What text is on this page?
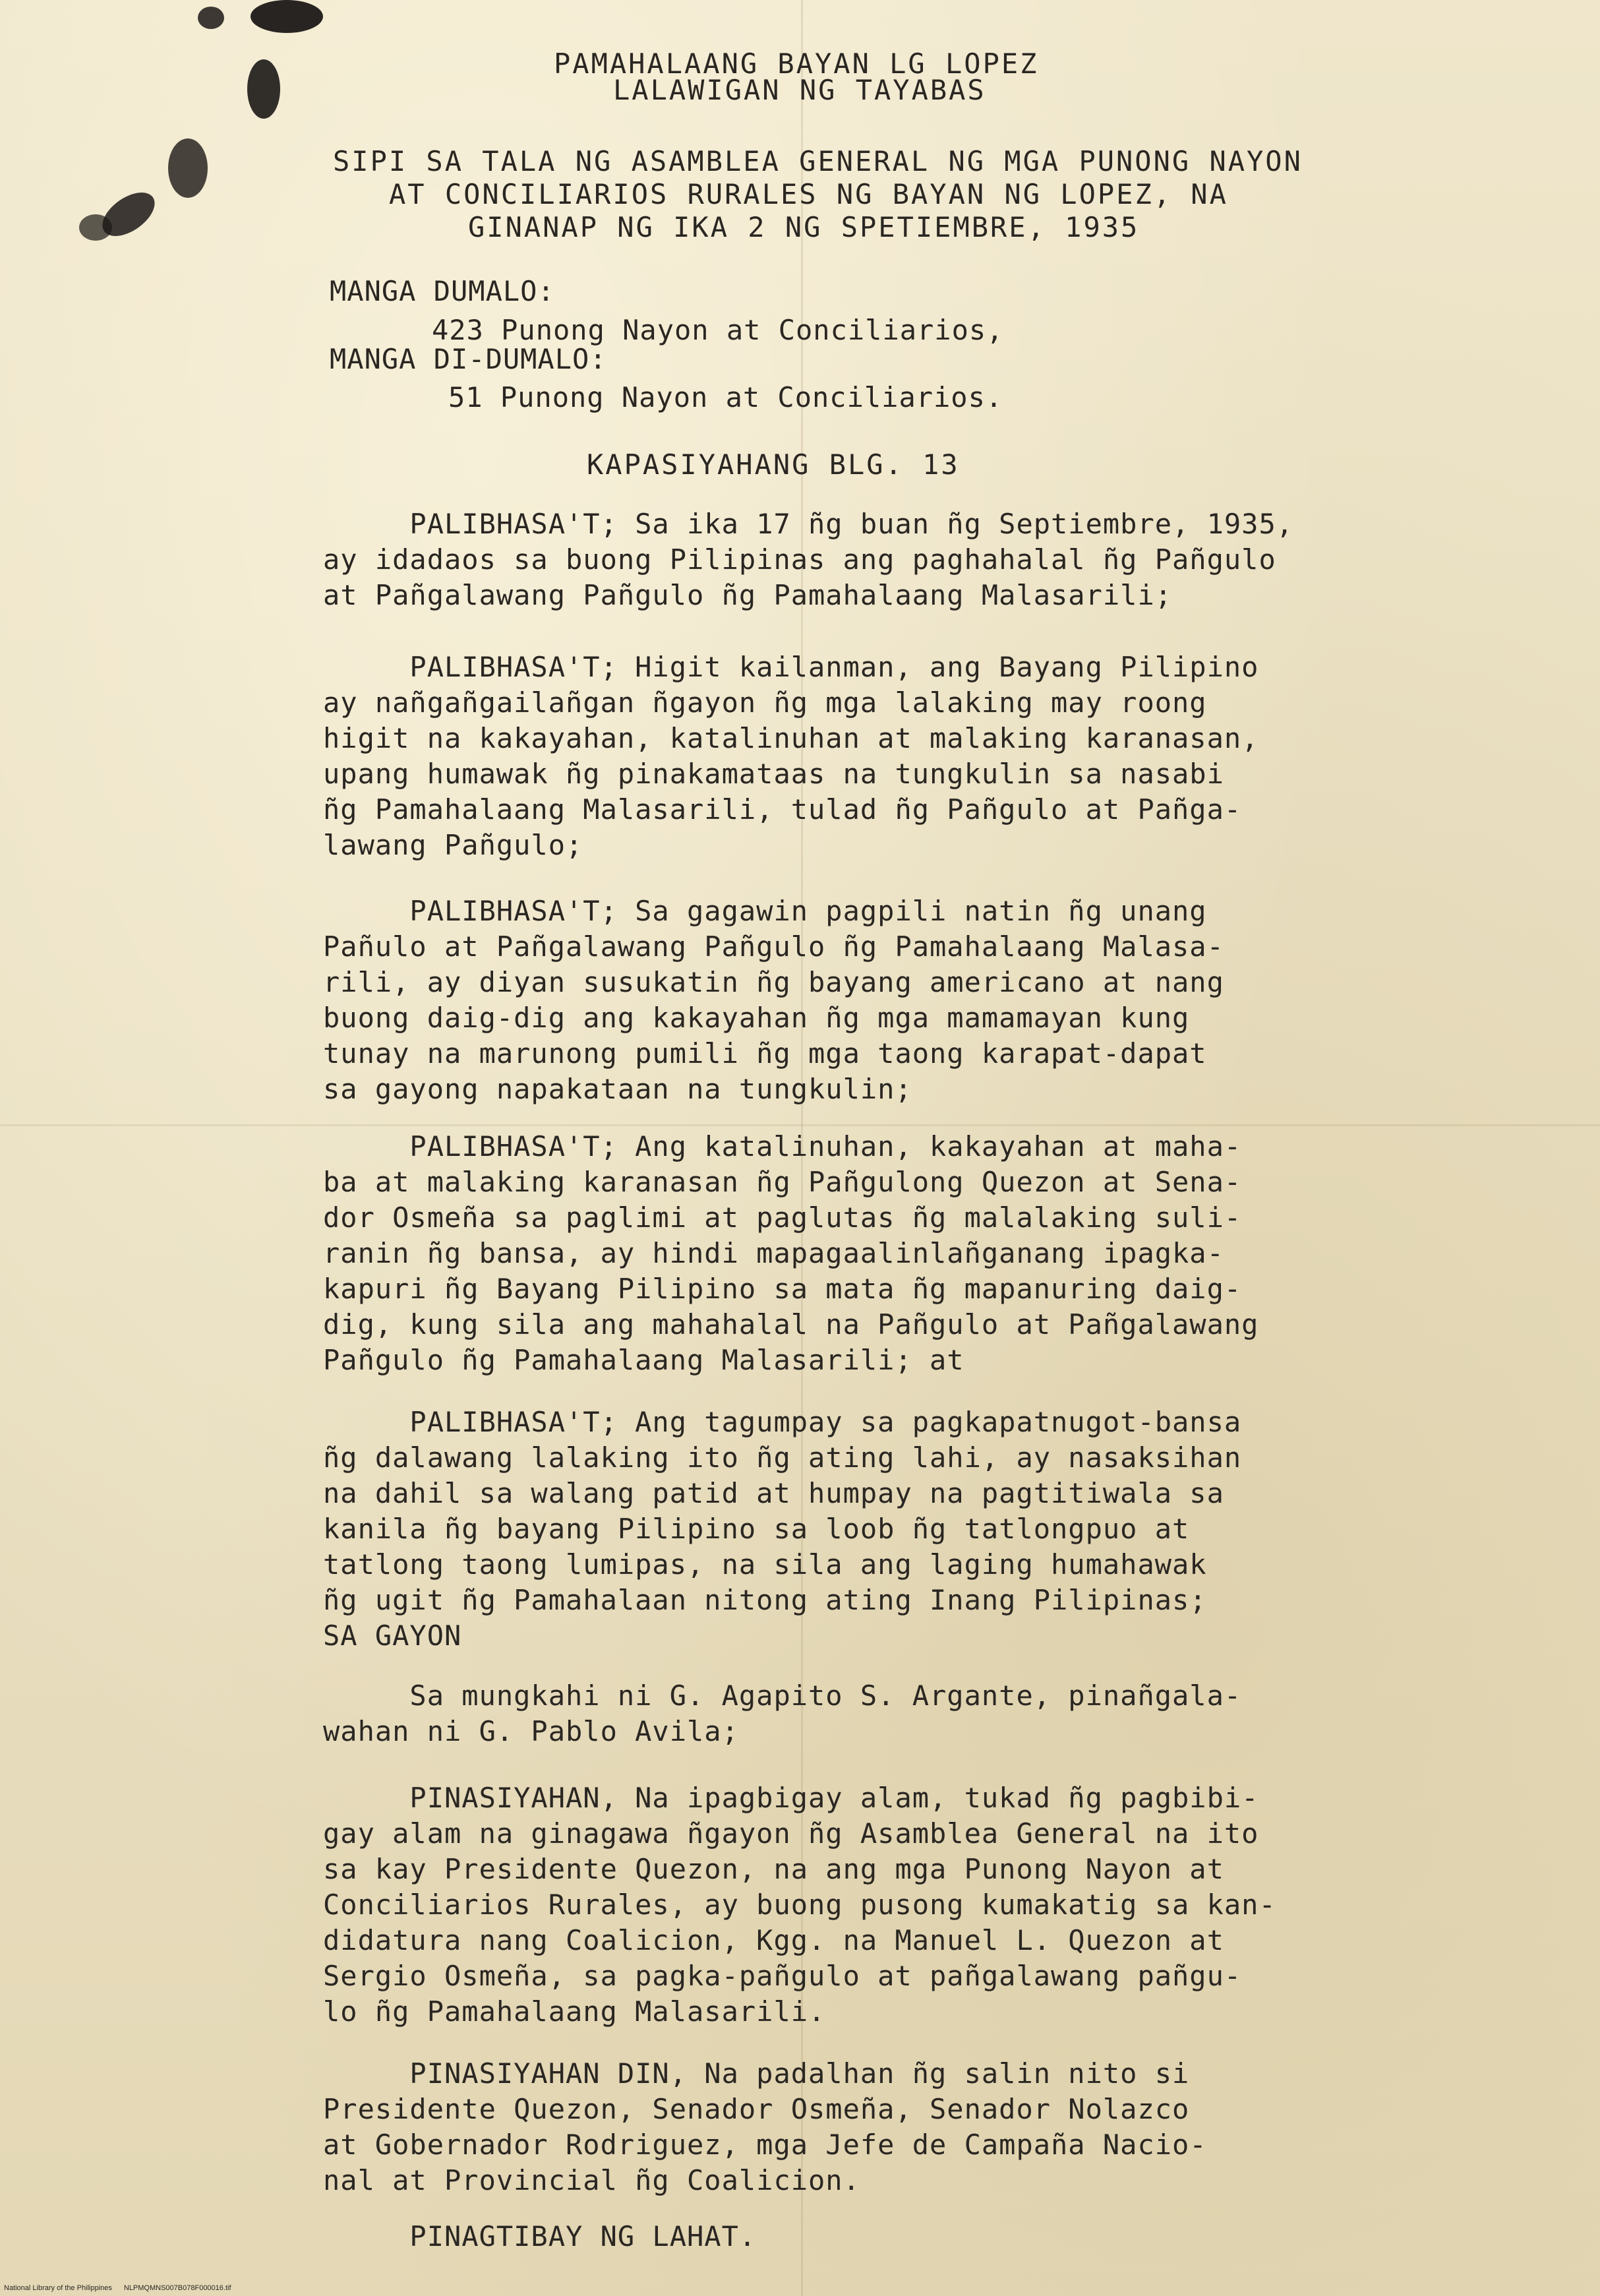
PAMAHALAANG BAYAN LG LOPEZ
LALAWIGAN NG TAYABAS
SIPI SA TALA NG ASAMBLEA GENERAL NG MGA PUNONG NAYON
AT CONCILIARIOS RURALES NG BAYAN NG LOPEZ, NA
GINANAP NG IKA 2 NG SPETIEMBRE, 1935
MANGA DUMALO:
423 Punong Nayon at Conciliarios,
MANGA DI-DUMALO:
51 Punong Nayon at Conciliarios.
KAPASIYAHANG BLG. 13
PALIBHASA'T; Sa ika 17 ñg buan ñg Septiembre, 1935,
ay idadaos sa buong Pilipinas ang paghahalal ñg Pañgulo
at Pañgalawang Pañgulo ñg Pamahalaang Malasarili;
PALIBHASA'T; Higit kailanman, ang Bayang Pilipino
ay nañgañgailañgan ñgayon ñg mga lalaking may roong
higit na kakayahan, katalinuhan at malaking karanasan,
upang humawak ñg pinakamataas na tungkulin sa nasabi
ñg Pamahalaang Malasarili, tulad ñg Pañgulo at Pañga-
lawang Pañgulo;
PALIBHASA'T; Sa gagawin pagpili natin ñg unang
Pañulo at Pañgalawang Pañgulo ñg Pamahalaang Malasa-
rili, ay diyan susukatin ñg bayang americano at nang
buong daig-dig ang kakayahan ñg mga mamamayan kung
tunay na marunong pumili ñg mga taong karapat-dapat
sa gayong napakataan na tungkulin;
PALIBHASA'T; Ang katalinuhan, kakayahan at maha-
ba at malaking karanasan ñg Pañgulong Quezon at Sena-
dor Osmeña sa paglimi at paglutas ñg malalaking suli-
ranin ñg bansa, ay hindi mapagaalinlañganang ipagka-
kapuri ñg Bayang Pilipino sa mata ñg mapanuring daig-
dig, kung sila ang mahahalal na Pañgulo at Pañgalawang
Pañgulo ñg Pamahalaang Malasarili; at
PALIBHASA'T; Ang tagumpay sa pagkapatnugot-bansa
ñg dalawang lalaking ito ñg ating lahi, ay nasaksihan
na dahil sa walang patid at humpay na pagtitiwala sa
kanila ñg bayang Pilipino sa loob ñg tatlongpuo at
tatlong taong lumipas, na sila ang laging humahawak
ñg ugit ñg Pamahalaan nitong ating Inang Pilipinas;
SA GAYON
Sa mungkahi ni G. Agapito S. Argante, pinañgala-
wahan ni G. Pablo Avila;
PINASIYAHAN, Na ipagbigay alam, tukad ñg pagbibi-
gay alam na ginagawa ñgayon ñg Asamblea General na ito
sa kay Presidente Quezon, na ang mga Punong Nayon at
Conciliarios Rurales, ay buong pusong kumakatig sa kan-
didatura nang Coalicion, Kgg. na Manuel L. Quezon at
Sergio Osmeña, sa pagka-pañgulo at pañgalawang pañgu-
lo ñg Pamahalaang Malasarili.
PINASIYAHAN DIN, Na padalhan ñg salin nito si
Presidente Quezon, Senador Osmeña, Senador Nolazco
at Gobernador Rodriguez, mga Jefe de Campaña Nacio-
nal at Provincial ñg Coalicion.
PINAGTIBAY NG LAHAT.
National Library of the Philippines NLPMQMNS007B078F000016.tif
